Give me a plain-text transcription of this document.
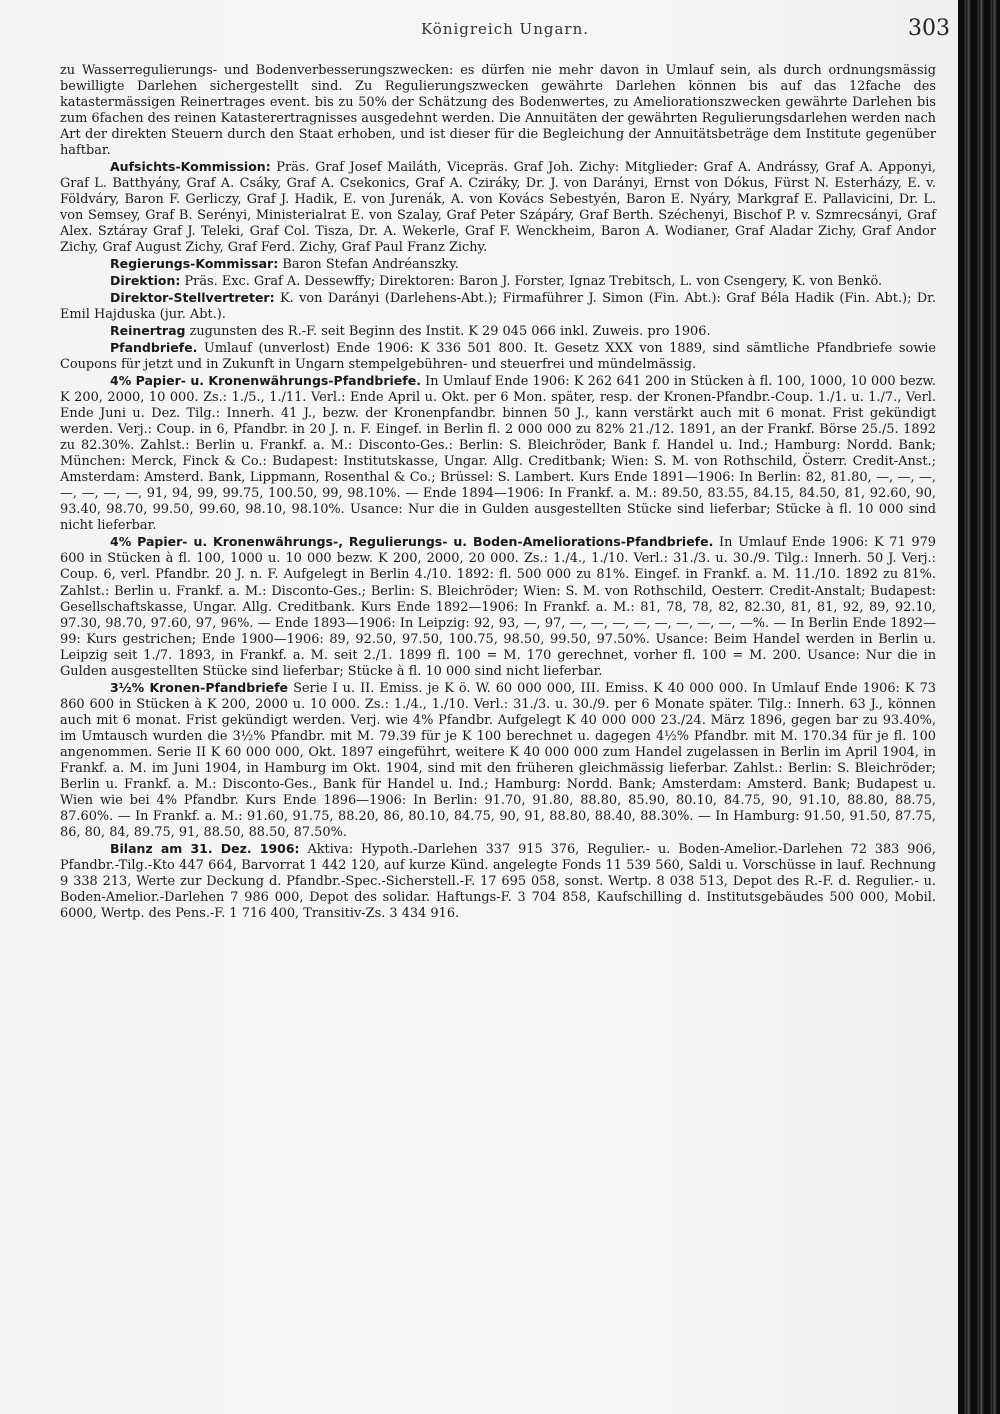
Königreich Ungarn.	303

zu Wasserregulierungs- und Bodenverbesserungszwecken: es dürfen nie mehr davon in Umlauf sein, als durch ordnungsmässig bewilligte Darlehen sichergestellt sind. Zu Regulierungszwecken gewährte Darlehen können bis auf das 12fache des katastermässigen Reinertrages event. bis zu 50% der Schätzung des Bodenwertes, zu Ameliorationszwecken gewährte Darlehen bis zum 6fachen des reinen Katasterertragnisses ausgedehnt werden. Die Annuitäten der gewährten Regulierungsdarlehen werden nach Art der direkten Steuern durch den Staat erhoben, und ist dieser für die Begleichung der Annuitätsbeträge dem Institute gegenüber haftbar.

Aufsichts-Kommission: Präs. Graf Josef Mailáth, Vicepräs. Graf Joh. Zichy: Mitglieder: Graf A. Andrássy, Graf A. Apponyi, Graf L. Batthyány, Graf A. Csáky, Graf A. Csekonics, Graf A. Cziráky, Dr. J. von Darányi, Ernst von Dókus, Fürst N. Esterházy, E. v. Földváry, Baron F. Gerliczy, Graf J. Hadik, E. von Jurenák, A. von Kovács Sebestyén, Baron E. Nyáry, Markgraf E. Pallavicini, Dr. L. von Semsey, Graf B. Serényi, Ministerialrat E. von Szalay, Graf Peter Szápáry, Graf Berth. Széchenyi, Bischof P. v. Szmrecsányi, Graf Alex. Sztáray Graf J. Teleki, Graf Col. Tisza, Dr. A. Wekerle, Graf F. Wenckheim, Baron A. Wodianer, Graf Aladar Zichy, Graf Andor Zichy, Graf August Zichy, Graf Ferd. Zichy, Graf Paul Franz Zichy.

Regierungs-Kommissar: Baron Stefan Andréanszky.

Direktion: Präs. Exc. Graf A. Dessewffy; Direktoren: Baron J. Forster, Ignaz Trebitsch, L. von Csengery, K. von Benkö.

Direktor-Stellvertreter: K. von Darányi (Darlehens-Abt.); Firmaführer J. Simon (Fin. Abt.): Graf Béla Hadik (Fin. Abt.); Dr. Emil Hajduska (jur. Abt.).

Reinertrag zugunsten des R.-F. seit Beginn des Instit. K 29 045 066 inkl. Zuweis. pro 1906.

Pfandbriefe. Umlauf (unverlost) Ende 1906: K 336 501 800. It. Gesetz XXX von 1889, sind sämtliche Pfandbriefe sowie Coupons für jetzt und in Zukunft in Ungarn stempelgebühren- und steuerfrei und mündelmässig.

4% Papier- u. Kronenwährungs-Pfandbriefe. In Umlauf Ende 1906: K 262 641 200 in Stücken à fl. 100, 1000, 10 000 bezw. K 200, 2000, 10 000. Zs.: 1./5., 1./11. Verl.: Ende April u. Okt. per 6 Mon. später, resp. der Kronen-Pfandbr.-Coup. 1./1. u. 1./7., Verl. Ende Juni u. Dez. Tilg.: Innerh. 41 J., bezw. der Kronenpfandbr. binnen 50 J., kann verstärkt auch mit 6 monat. Frist gekündigt werden. Verj.: Coup. in 6, Pfandbr. in 20 J. n. F. Eingef. in Berlin fl. 2 000 000 zu 82% 21./12. 1891, an der Frankf. Börse 25./5. 1892 zu 82.30%. Zahlst.: Berlin u. Frankf. a. M.: Disconto-Ges.: Berlin: S. Bleichröder, Bank f. Handel u. Ind.; Hamburg: Nordd. Bank; München: Merck, Finck & Co.: Budapest: Institutskasse, Ungar. Allg. Creditbank; Wien: S. M. von Rothschild, Österr. Credit-Anst.; Amsterdam: Amsterd. Bank, Lippmann, Rosenthal & Co.; Brüssel: S. Lambert. Kurs Ende 1891—1906: In Berlin: 82, 81.80, —, —, —, —, —, —, —, 91, 94, 99, 99.75, 100.50, 99, 98.10%. — Ende 1894—1906: In Frankf. a. M.: 89.50, 83.55, 84.15, 84.50, 81, 92.60, 90, 93.40, 98.70, 99.50, 99.60, 98.10, 98.10%. Usance: Nur die in Gulden ausgestellten Stücke sind lieferbar; Stücke à fl. 10 000 sind nicht lieferbar.

4% Papier- u. Kronenwährungs-, Regulierungs- u. Boden-Ameliorations-Pfandbriefe. In Umlauf Ende 1906: K 71 979 600 in Stücken à fl. 100, 1000 u. 10 000 bezw. K 200, 2000, 20 000. Zs.: 1./4., 1./10. Verl.: 31./3. u. 30./9. Tilg.: Innerh. 50 J. Verj.: Coup. 6, verl. Pfandbr. 20 J. n. F. Aufgelegt in Berlin 4./10. 1892: fl. 500 000 zu 81%. Eingef. in Frankf. a. M. 11./10. 1892 zu 81%. Zahlst.: Berlin u. Frankf. a. M.: Disconto-Ges.; Berlin: S. Bleichröder; Wien: S. M. von Rothschild, Oesterr. Credit-Anstalt; Budapest: Gesellschaftskasse, Ungar. Allg. Creditbank. Kurs Ende 1892—1906: In Frankf. a. M.: 81, 78, 78, 82, 82.30, 81, 81, 92, 89, 92.10, 97.30, 98.70, 97.60, 97, 96%. — Ende 1893—1906: In Leipzig: 92, 93, —, 97, —, —, —, —, —, —, —, —, —%. — In Berlin Ende 1892—99: Kurs gestrichen; Ende 1900—1906: 89, 92.50, 97.50, 100.75, 98.50, 99.50, 97.50%. Usance: Beim Handel werden in Berlin u. Leipzig seit 1./7. 1893, in Frankf. a. M. seit 2./1. 1899 fl. 100 = M. 170 gerechnet, vorher fl. 100 = M. 200. Usance: Nur die in Gulden ausgestellten Stücke sind lieferbar; Stücke à fl. 10 000 sind nicht lieferbar.

3½% Kronen-Pfandbriefe Serie I u. II. Emiss. je K ö. W. 60 000 000, III. Emiss. K 40 000 000. In Umlauf Ende 1906: K 73 860 600 in Stücken à K 200, 2000 u. 10 000. Zs.: 1./4., 1./10. Verl.: 31./3. u. 30./9. per 6 Monate später. Tilg.: Innerh. 63 J., können auch mit 6 monat. Frist gekündigt werden. Verj. wie 4% Pfandbr. Aufgelegt K 40 000 000 23./24. März 1896, gegen bar zu 93.40%, im Umtausch wurden die 3½% Pfandbr. mit M. 79.39 für je K 100 berechnet u. dagegen 4½% Pfandbr. mit M. 170.34 für je fl. 100 angenommen. Serie II K 60 000 000, Okt. 1897 eingeführt, weitere K 40 000 000 zum Handel zugelassen in Berlin im April 1904, in Frankf. a. M. im Juni 1904, in Hamburg im Okt. 1904, sind mit den früheren gleichmässig lieferbar. Zahlst.: Berlin: S. Bleichröder; Berlin u. Frankf. a. M.: Disconto-Ges., Bank für Handel u. Ind.; Hamburg: Nordd. Bank; Amsterdam: Amsterd. Bank; Budapest u. Wien wie bei 4% Pfandbr. Kurs Ende 1896—1906: In Berlin: 91.70, 91.80, 88.80, 85.90, 80.10, 84.75, 90, 91.10, 88.80, 88.75, 87.60%. — In Frankf. a. M.: 91.60, 91.75, 88.20, 86, 80.10, 84.75, 90, 91, 88.80, 88.40, 88.30%. — In Hamburg: 91.50, 91.50, 87.75, 86, 80, 84, 89.75, 91, 88.50, 88.50, 87.50%.

Bilanz am 31. Dez. 1906: Aktiva: Hypoth.-Darlehen 337 915 376, Regulier.- u. Boden-Amelior.-Darlehen 72 383 906, Pfandbr.-Tilg.-Kto 447 664, Barvorrat 1 442 120, auf kurze Künd. angelegte Fonds 11 539 560, Saldi u. Vorschüsse in lauf. Rechnung 9 338 213, Werte zur Deckung d. Pfandbr.-Spec.-Sicherstell.-F. 17 695 058, sonst. Wertp. 8 038 513, Depot des R.-F. d. Regulier.- u. Boden-Amelior.-Darlehen 7 986 000, Depot des solidar. Haftungs-F. 3 704 858, Kaufschilling d. Institutsgebäudes 500 000, Mobil. 6000, Wertp. des Pens.-F. 1 716 400, Transitiv-Zs. 3 434 916.
